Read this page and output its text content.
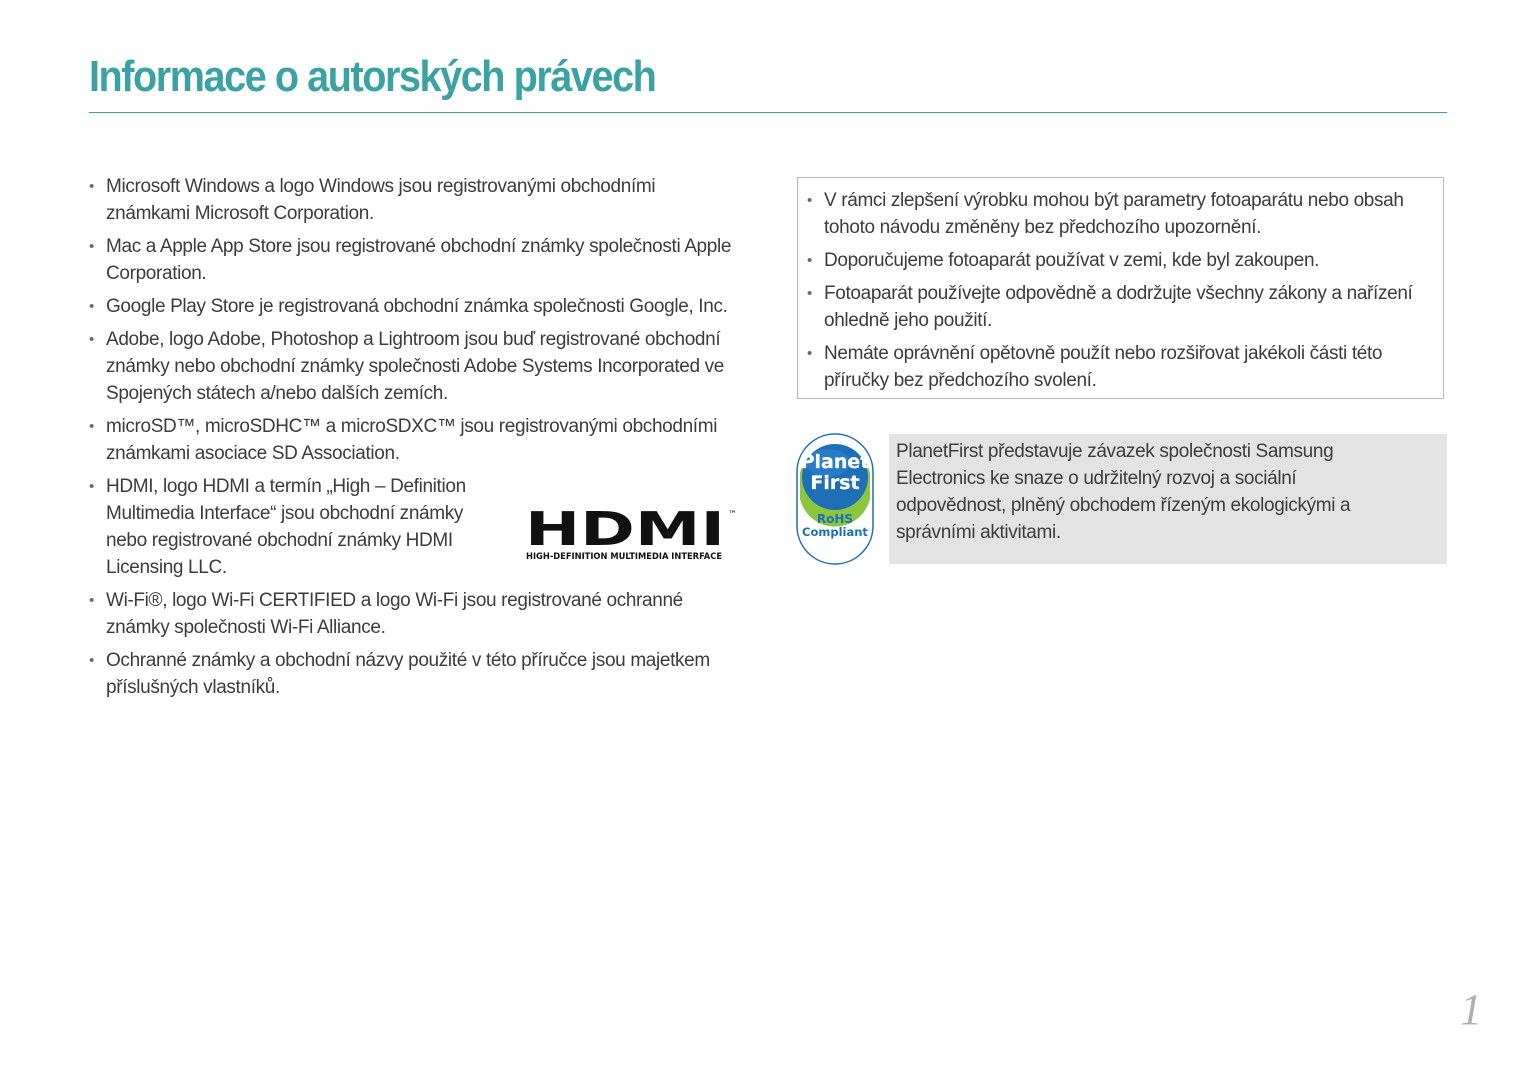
Informace o autorských právech
• Microsoft Windows a logo Windows jsou registrovanými obchodními známkami Microsoft Corporation.
• Mac a Apple App Store jsou registrované obchodní známky společnosti Apple Corporation.
• Google Play Store je registrovaná obchodní známka společnosti Google, Inc.
• Adobe, logo Adobe, Photoshop a Lightroom jsou buď registrované obchodní známky nebo obchodní známky společnosti Adobe Systems Incorporated ve Spojených státech a/nebo dalších zemích.
• microSD™, microSDHC™ a microSDXC™ jsou registrovanými obchodními známkami asociace SD Association.
• HDMI, logo HDMI a termín „High – Definition Multimedia Interface“ jsou obchodní známky nebo registrované obchodní známky HDMI Licensing LLC.
• Wi-Fi®, logo Wi-Fi CERTIFIED a logo Wi-Fi jsou registrované ochranné známky společnosti Wi-Fi Alliance.
• Ochranné známky a obchodní názvy použité v této příručce jsou majetkem příslušných vlastníků.
HDMI ™
HIGH-DEFINITION MULTIMEDIA INTERFACE
• V rámci zlepšení výrobku mohou být parametry fotoaparátu nebo obsah tohoto návodu změněny bez předchozího upozornění.
• Doporučujeme fotoaparát používat v zemi, kde byl zakoupen.
• Fotoaparát používejte odpovědně a dodržujte všechny zákony a nařízení ohledně jeho použití.
• Nemáte oprávnění opětovně použít nebo rozšiřovat jakékoli části této příručky bez předchozího svolení.
Planet
First
RoHS
Compliant
PlanetFirst představuje závazek společnosti Samsung Electronics ke snaze o udržitelný rozvoj a sociální odpovědnost, plněný obchodem řízeným ekologickými a správními aktivitami.
1
